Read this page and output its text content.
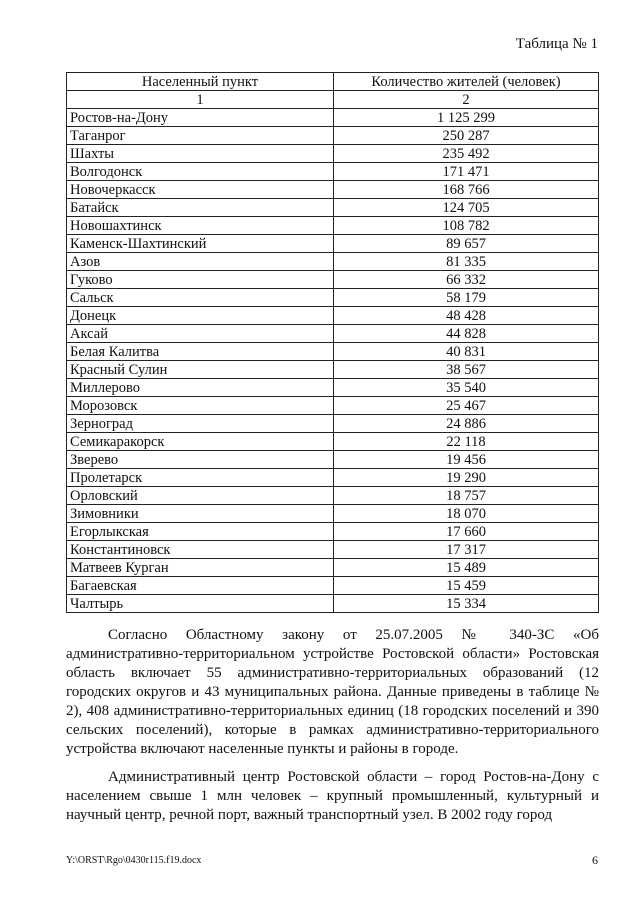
Таблица № 1
Населенный пункт	Количество жителей (человек)
1	2
Ростов-на-Дону	1 125 299
Таганрог	250 287
Шахты	235 492
Волгодонск	171 471
Новочеркасск	168 766
Батайск	124 705
Новошахтинск	108 782
Каменск-Шахтинский	89 657
Азов	81 335
Гуково	66 332
Сальск	58 179
Донецк	48 428
Аксай	44 828
Белая Калитва	40 831
Красный Сулин	38 567
Миллерово	35 540
Морозовск	25 467
Зерноград	24 886
Семикаракорск	22 118
Зверево	19 456
Пролетарск	19 290
Орловский	18 757
Зимовники	18 070
Егорлыкская	17 660
Константиновск	17 317
Матвеев Курган	15 489
Багаевская	15 459
Чалтырь	15 334

Согласно Областному закону от 25.07.2005 № 340-ЗС «Об административно-территориальном устройстве Ростовской области» Ростовская область включает 55 административно-территориальных образований (12 городских округов и 43 муниципальных района. Данные приведены в таблице № 2), 408 административно-территориальных единиц (18 городских поселений и 390 сельских поселений), которые в рамках административно-территориального устройства включают населенные пункты и районы в городе.

Административный центр Ростовской области – город Ростов-на-Дону с населением свыше 1 млн человек – крупный промышленный, культурный и научный центр, речной порт, важный транспортный узел. В 2002 году город

Y:\ORST\Rgo\0430r115.f19.docx	6
